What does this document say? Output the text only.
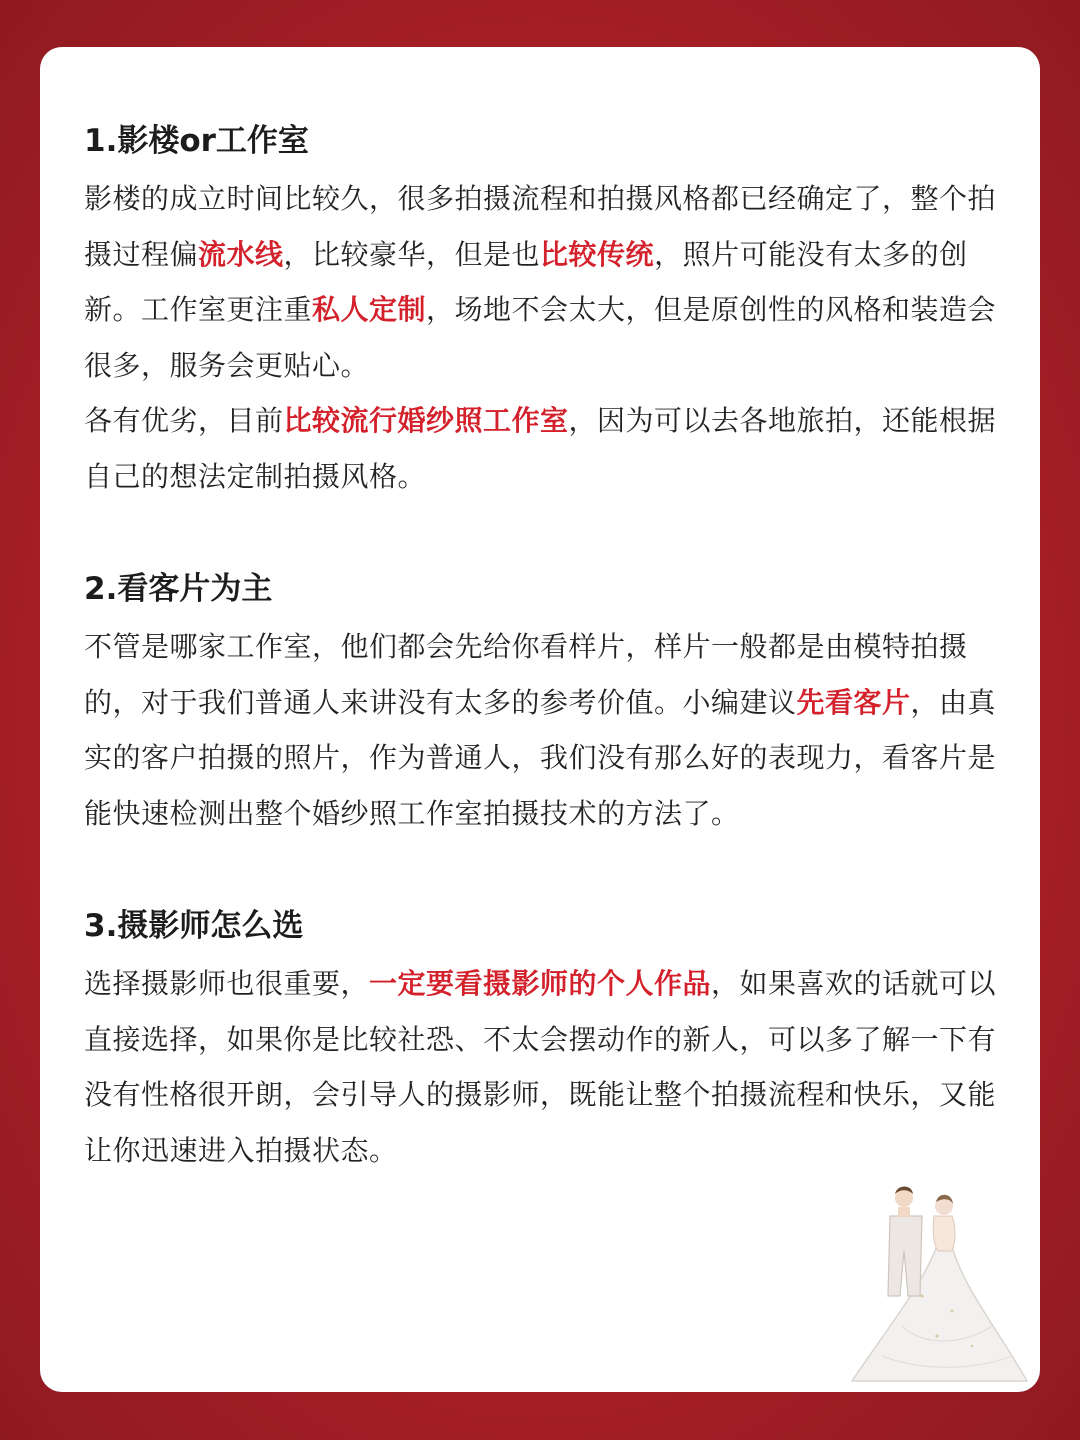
1.影楼or工作室

影楼的成立时间比较久，很多拍摄流程和拍摄风格都已经确定了，整个拍摄过程偏流水线，比较豪华，但是也比较传统，照片可能没有太多的创新。工作室更注重私人定制，场地不会太大，但是原创性的风格和装造会很多，服务会更贴心。

各有优劣，目前比较流行婚纱照工作室，因为可以去各地旅拍，还能根据自己的想法定制拍摄风格。

2.看客片为主

不管是哪家工作室，他们都会先给你看样片，样片一般都是由模特拍摄的，对于我们普通人来讲没有太多的参考价值。小编建议先看客片，由真实的客户拍摄的照片，作为普通人，我们没有那么好的表现力，看客片是能快速检测出整个婚纱照工作室拍摄技术的方法了。

3.摄影师怎么选

选择摄影师也很重要，一定要看摄影师的个人作品，如果喜欢的话就可以直接选择，如果你是比较社恐、不太会摆动作的新人，可以多了解一下有没有性格很开朗，会引导人的摄影师，既能让整个拍摄流程和快乐，又能让你迅速进入拍摄状态。
